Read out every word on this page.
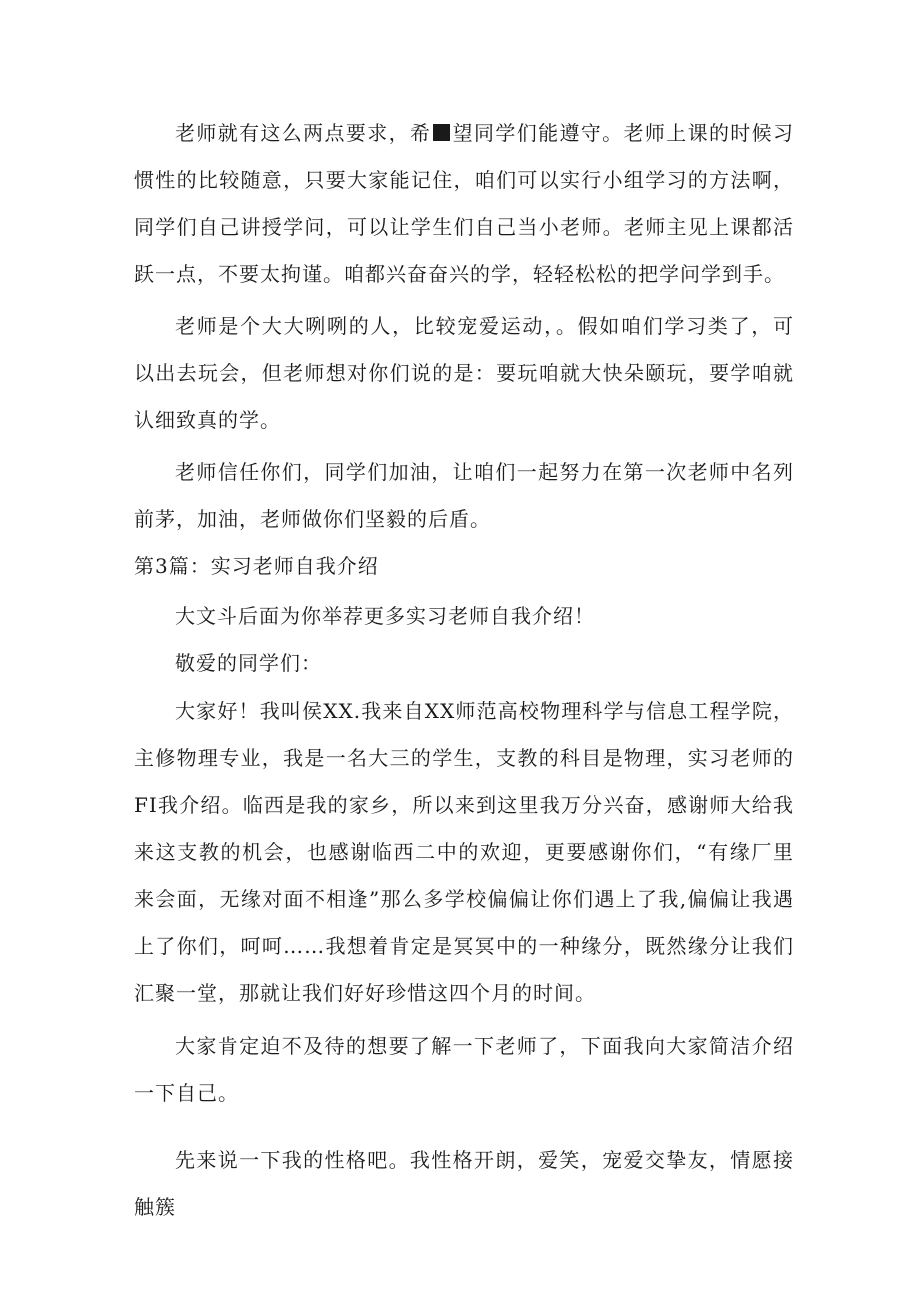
老师就有这么两点要求，希 望同学们能遵守。老师上课的时候习惯性的比较随意，只要大家能记住，咱们可以实行小组学习的方法啊，同学们自己讲授学问，可以让学生们自己当小老师。老师主见上课都活跃一点，不要太拘谨。咱都兴奋奋兴的学，轻轻松松的把学问学到手。

老师是个大大咧咧的人，比较宠爱运动，。假如咱们学习类了，可以出去玩会，但老师想对你们说的是：要玩咱就大快朵颐玩，要学咱就认细致真的学。

老师信任你们，同学们加油，让咱们一起努力在第一次老师中名列前茅，加油，老师做你们坚毅的后盾。

第3篇：实习老师自我介绍

大文斗后面为你举荐更多实习老师自我介绍！

敬爱的同学们：

大家好！我叫侯XX.我来自XX师范高校物理科学与信息工程学院，主修物理专业，我是一名大三的学生，支教的科目是物理，实习老师的FI我介绍。临西是我的家乡，所以来到这里我万分兴奋，感谢师大给我来这支教的机会，也感谢临西二中的欢迎，更要感谢你们，“有缘厂里来会面，无缘对面不相逢”那么多学校偏偏让你们遇上了我,偏偏让我遇上了你们，呵呵……我想着肯定是冥冥中的一种缘分，既然缘分让我们汇聚一堂，那就让我们好好珍惜这四个月的时间。

大家肯定迫不及待的想要了解一下老师了，下面我向大家简洁介绍一下自己。

先来说一下我的性格吧。我性格开朗，爱笑，宠爱交挚友，情愿接触簇
